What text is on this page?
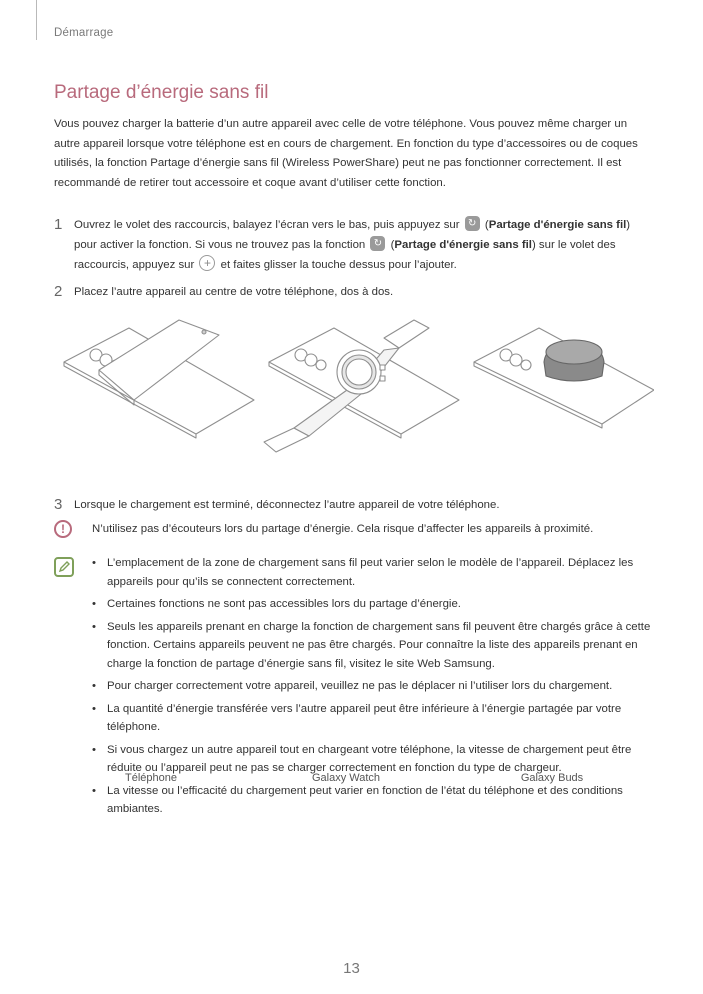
Démarrage
Partage d’énergie sans fil

Vous pouvez charger la batterie d’un autre appareil avec celle de votre téléphone. Vous pouvez même charger un autre appareil lorsque votre téléphone est en cours de chargement. En fonction du type d’accessoires ou de coques utilisés, la fonction Partage d’énergie sans fil (Wireless PowerShare) peut ne pas fonctionner correctement. Il est recommandé de retirer tout accessoire et coque avant d’utiliser cette fonction.

1 Ouvrez le volet des raccourcis, balayez l’écran vers le bas, puis appuyez sur ↻ (Partage d'énergie sans fil) pour activer la fonction. Si vous ne trouvez pas la fonction ↻ (Partage d'énergie sans fil) sur le volet des raccourcis, appuyez sur + et faites glisser la touche dessus pour l’ajouter.
2 Placez l’autre appareil au centre de votre téléphone, dos à dos.
Téléphone	Galaxy Watch	Galaxy Buds
3 Lorsque le chargement est terminé, déconnectez l’autre appareil de votre téléphone.
!	N’utilisez pas d’écouteurs lors du partage d’énergie. Cela risque d’affecter les appareils à proximité.
• L’emplacement de la zone de chargement sans fil peut varier selon le modèle de l’appareil. Déplacez les appareils pour qu’ils se connectent correctement.
• Certaines fonctions ne sont pas accessibles lors du partage d’énergie.
• Seuls les appareils prenant en charge la fonction de chargement sans fil peuvent être chargés grâce à cette fonction. Certains appareils peuvent ne pas être chargés. Pour connaître la liste des appareils prenant en charge la fonction de partage d’énergie sans fil, visitez le site Web Samsung.
• Pour charger correctement votre appareil, veuillez ne pas le déplacer ni l’utiliser lors du chargement.
• La quantité d’énergie transférée vers l’autre appareil peut être inférieure à l’énergie partagée par votre téléphone.
• Si vous chargez un autre appareil tout en chargeant votre téléphone, la vitesse de chargement peut être réduite ou l’appareil peut ne pas se charger correctement en fonction du type de chargeur.
• La vitesse ou l’efficacité du chargement peut varier en fonction de l’état du téléphone et des conditions ambiantes.
13
